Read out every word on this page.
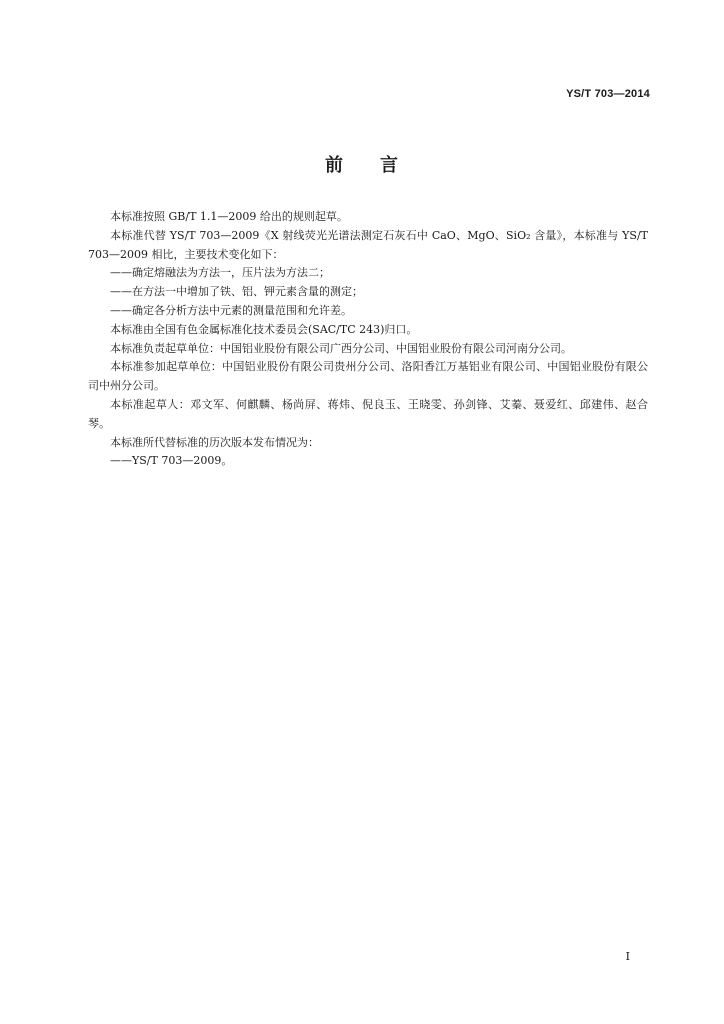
YS/T 703—2014
前 言

本标准按照 GB/T 1.1—2009 给出的规则起草。

本标准代替 YS/T 703—2009《X 射线荧光光谱法测定石灰石中 CaO、MgO、SiO₂ 含量》，本标准与 YS/T 703—2009 相比，主要技术变化如下：

——确定熔融法为方法一，压片法为方法二；

——在方法一中增加了铁、铝、钾元素含量的测定；

——确定各分析方法中元素的测量范围和允许差。

本标准由全国有色金属标准化技术委员会(SAC/TC 243)归口。

本标准负责起草单位：中国铝业股份有限公司广西分公司、中国铝业股份有限公司河南分公司。

本标准参加起草单位：中国铝业股份有限公司贵州分公司、洛阳香江万基铝业有限公司、中国铝业股份有限公司中州分公司。

本标准起草人：邓文军、何麒麟、杨尚屏、蒋炜、倪良玉、王晓雯、孙剑锋、艾蓁、聂爱红、邱建伟、赵合琴。

本标准所代替标准的历次版本发布情况为：

——YS/T 703—2009。

I
